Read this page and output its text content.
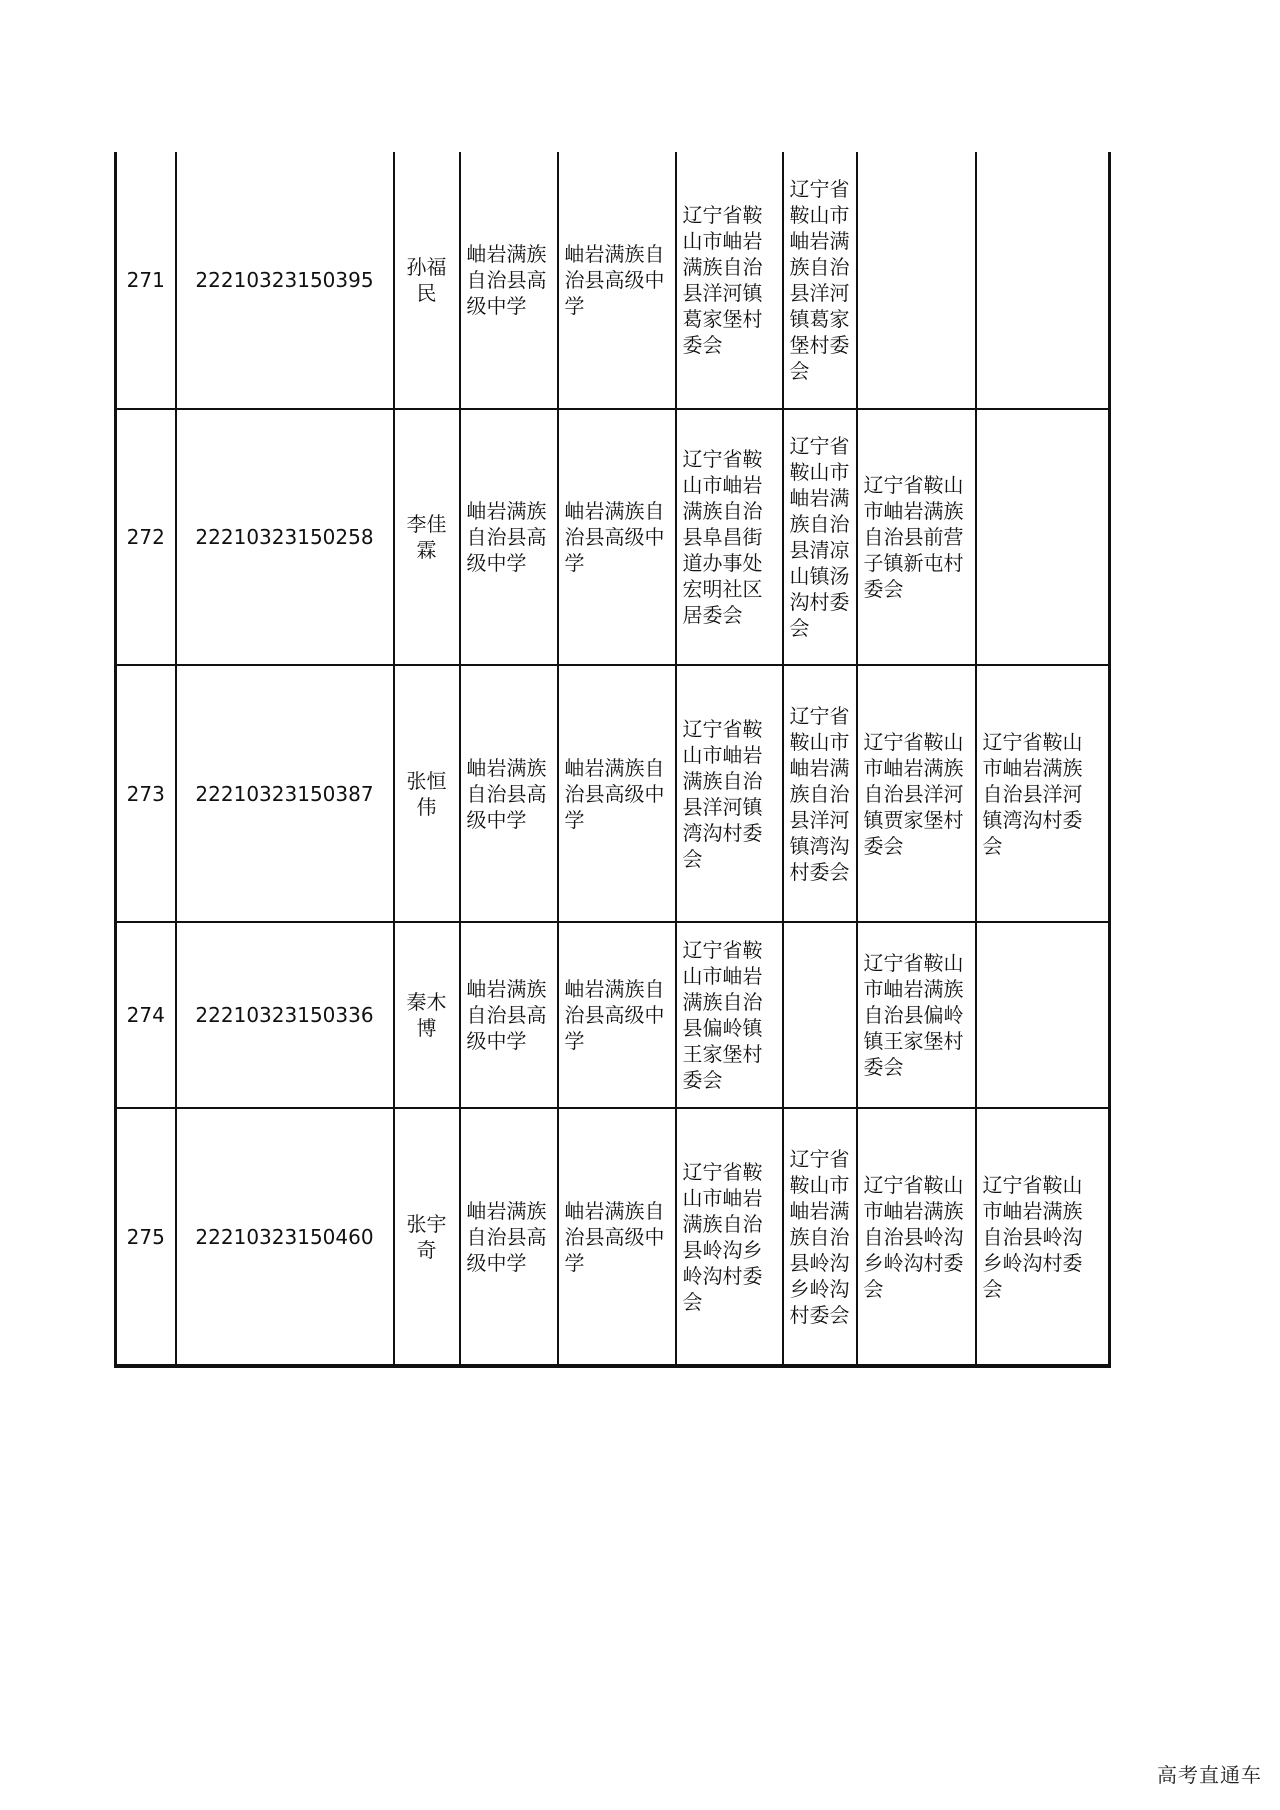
271	22210323150395	孙福民	岫岩满族自治县高级中学	岫岩满族自治县高级中学	辽宁省鞍山市岫岩满族自治县洋河镇葛家堡村委会	辽宁省鞍山市岫岩满族自治县洋河镇葛家堡村委会		
272	22210323150258	李佳霖	岫岩满族自治县高级中学	岫岩满族自治县高级中学	辽宁省鞍山市岫岩满族自治县阜昌街道办事处宏明社区居委会	辽宁省鞍山市岫岩满族自治县清凉山镇汤沟村委会	辽宁省鞍山市岫岩满族自治县前营子镇新屯村委会	
273	22210323150387	张恒伟	岫岩满族自治县高级中学	岫岩满族自治县高级中学	辽宁省鞍山市岫岩满族自治县洋河镇湾沟村委会	辽宁省鞍山市岫岩满族自治县洋河镇湾沟村委会	辽宁省鞍山市岫岩满族自治县洋河镇贾家堡村委会	辽宁省鞍山市岫岩满族自治县洋河镇湾沟村委会
274	22210323150336	秦木博	岫岩满族自治县高级中学	岫岩满族自治县高级中学	辽宁省鞍山市岫岩满族自治县偏岭镇王家堡村委会		辽宁省鞍山市岫岩满族自治县偏岭镇王家堡村委会	
275	22210323150460	张宇奇	岫岩满族自治县高级中学	岫岩满族自治县高级中学	辽宁省鞍山市岫岩满族自治县岭沟乡岭沟村委会	辽宁省鞍山市岫岩满族自治县岭沟乡岭沟村委会	辽宁省鞍山市岫岩满族自治县岭沟乡岭沟村委会	辽宁省鞍山市岫岩满族自治县岭沟乡岭沟村委会
高考直通车
